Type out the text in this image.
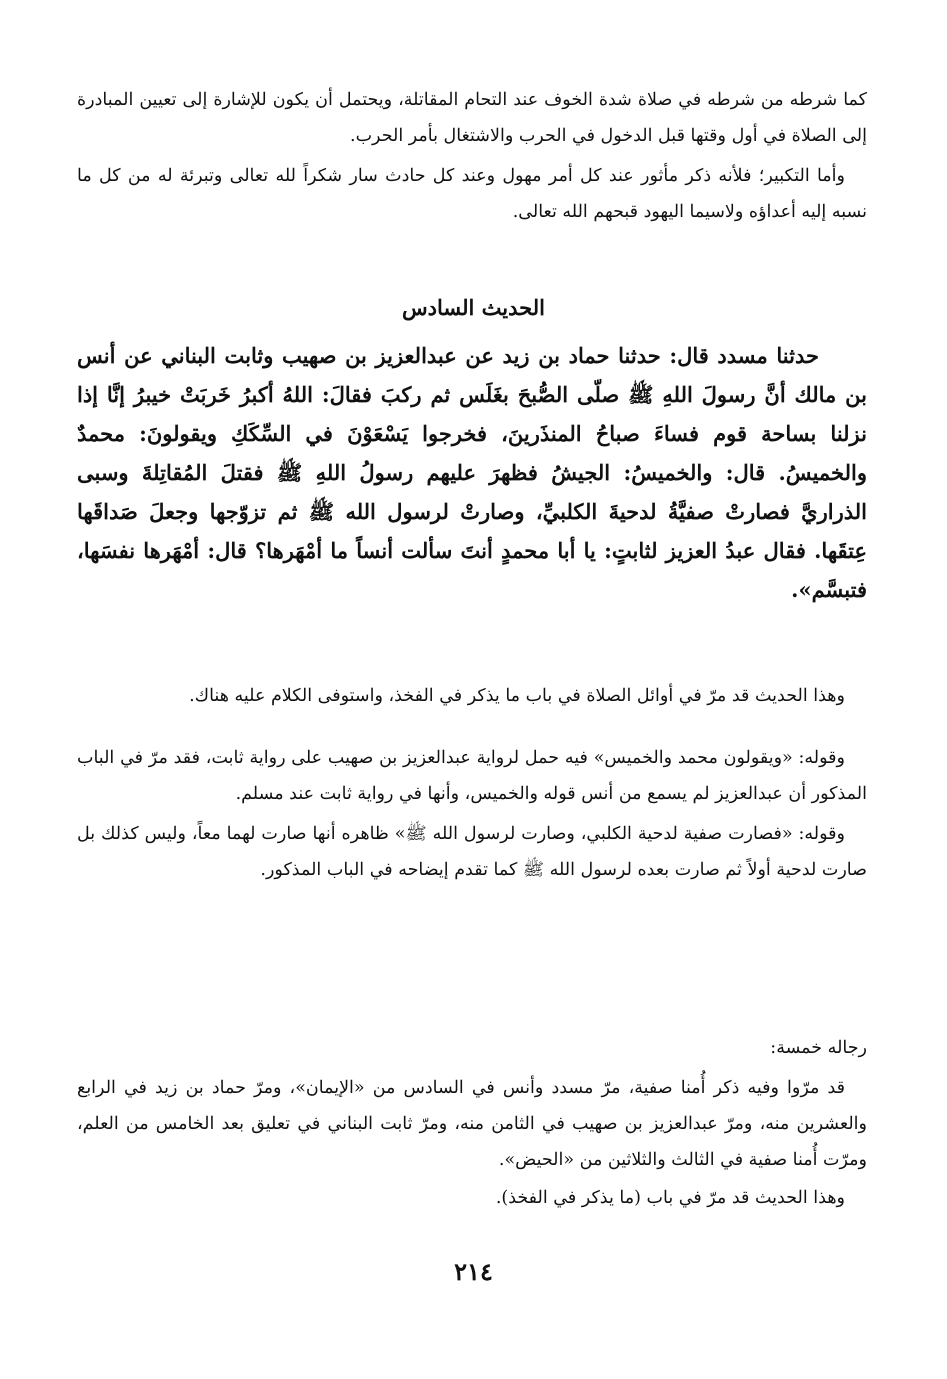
كما شرطه من شرطه في صلاة شدة الخوف عند التحام المقاتلة، ويحتمل أن يكون للإشارة إلى تعيين المبادرة إلى الصلاة في أول وقتها قبل الدخول في الحرب والاشتغال بأمر الحرب.

وأما التكبير؛ فلأنه ذكر مأثور عند كل أمر مهول وعند كل حادث سار شكراً لله تعالى وتبرئة له من كل ما نسبه إليه أعداؤه ولاسيما اليهود قبحهم الله تعالى.

الحديث السادس

حدثنا مسدد قال: حدثنا حماد بن زيد عن عبدالعزيز بن صهيب وثابت البناني عن أنس بن مالك أنَّ رسولَ اللهِ ﷺ صلّى الصُّبحَ بغَلَس ثم ركبَ فقالَ: اللهُ أكبرُ خَربَتْ خيبرُ إنَّا إذا نزلنا بساحة قوم فساءَ صباحُ المنذَرينَ، فخرجوا يَسْعَوْنَ في السِّكَكِ ويقولونَ: محمدٌ والخميسُ. قال: والخميسُ: الجيشُ فظهرَ عليهم رسولُ اللهِ ﷺ فقتلَ المُقاتِلةَ وسبى الذراريَّ فصارتْ صفيَّةُ لدحيةَ الكلبيِّ، وصارتْ لرسول الله ﷺ ثم تزوّجها وجعلَ صَداقَها عِتقَها. فقال عبدُ العزيز لثابتٍ: يا أبا محمدٍ أنتَ سألت أنساً ما أمْهَرها؟ قال: أمْهَرها نفسَها، فتبسَّم».

وهذا الحديث قد مرّ في أوائل الصلاة في باب ما يذكر في الفخذ، واستوفى الكلام عليه هناك.

وقوله: «ويقولون محمد والخميس» فيه حمل لرواية عبدالعزيز بن صهيب على رواية ثابت، فقد مرّ في الباب المذكور أن عبدالعزيز لم يسمع من أنس قوله والخميس، وأنها في رواية ثابت عند مسلم.

وقوله: «فصارت صفية لدحية الكلبي، وصارت لرسول الله ﷺ» ظاهره أنها صارت لهما معاً، وليس كذلك بل صارت لدحية أولاً ثم صارت بعده لرسول الله ﷺ كما تقدم إيضاحه في الباب المذكور.

رجاله خمسة:

قد مرّوا وفيه ذكر أُمنا صفية، مرّ مسدد وأنس في السادس من «الإيمان»، ومرّ حماد بن زيد في الرابع والعشرين منه، ومرّ عبدالعزيز بن صهيب في الثامن منه، ومرّ ثابت البناني في تعليق بعد الخامس من العلم، ومرّت أُمنا صفية في الثالث والثلاثين من «الحيض».

وهذا الحديث قد مرّ في باب (ما يذكر في الفخذ).

٢١٤
